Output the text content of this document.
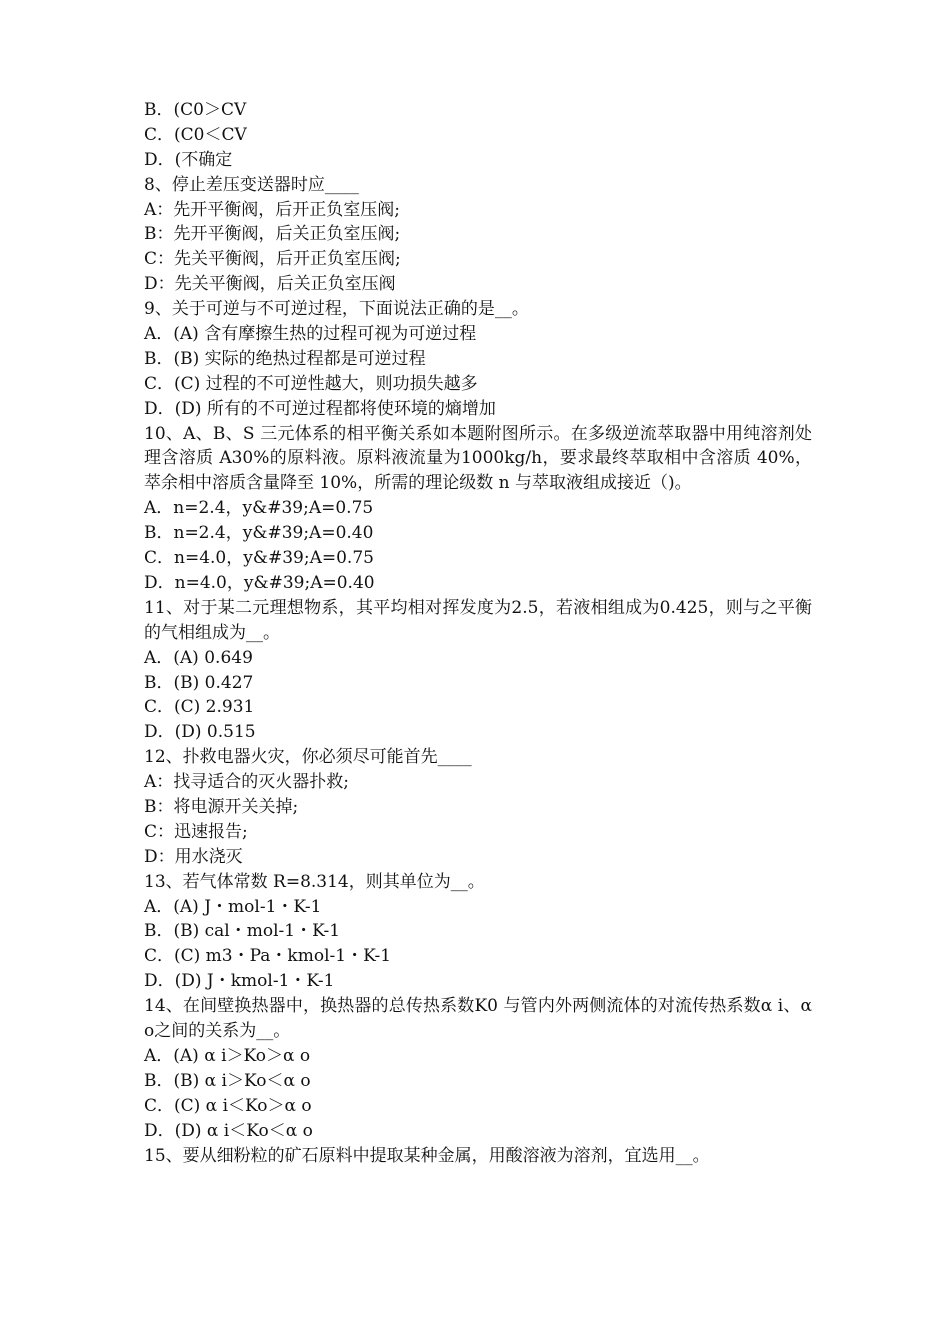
B．(C0＞CV
C．(C0＜CV
D．(不确定
8、停止差压变送器时应____
A：先开平衡阀，后开正负室压阀;
B：先开平衡阀，后关正负室压阀;
C：先关平衡阀，后开正负室压阀;
D：先关平衡阀，后关正负室压阀
9、关于可逆与不可逆过程，下面说法正确的是__。
A．(A) 含有摩擦生热的过程可视为可逆过程
B．(B) 实际的绝热过程都是可逆过程
C．(C) 过程的不可逆性越大，则功损失越多
D．(D) 所有的不可逆过程都将使环境的熵增加
10、A、B、S 三元体系的相平衡关系如本题附图所示。在多级逆流萃取器中用纯溶剂处理含溶质 A30%的原料液。原料液流量为1000kg/h，要求最终萃取相中含溶质 40%，萃余相中溶质含量降至 10%，所需的理论级数 n 与萃取液组成接近（)。
A．n=2.4，y&#39;A=0.75
B．n=2.4，y&#39;A=0.40
C．n=4.0，y&#39;A=0.75
D．n=4.0，y&#39;A=0.40
11、对于某二元理想物系，其平均相对挥发度为2.5，若液相组成为0.425，则与之平衡的气相组成为__。
A．(A) 0.649
B．(B) 0.427
C．(C) 2.931
D．(D) 0.515
12、扑救电器火灾，你必须尽可能首先____
A：找寻适合的灭火器扑救;
B：将电源开关关掉;
C：迅速报告;
D：用水浇灭
13、若气体常数 R=8.314，则其单位为__。
A．(A) J・mol-1・K-1
B．(B) cal・mol-1・K-1
C．(C) m3・Pa・kmol-1・K-1
D．(D) J・kmol-1・K-1
14、在间壁换热器中，换热器的总传热系数K0 与管内外两侧流体的对流传热系数α i、α o之间的关系为__。
A．(A) α i＞Ko＞α o
B．(B) α i＞Ko＜α o
C．(C) α i＜Ko＞α o
D．(D) α i＜Ko＜α o
15、要从细粉粒的矿石原料中提取某种金属，用酸溶液为溶剂，宜选用__。
